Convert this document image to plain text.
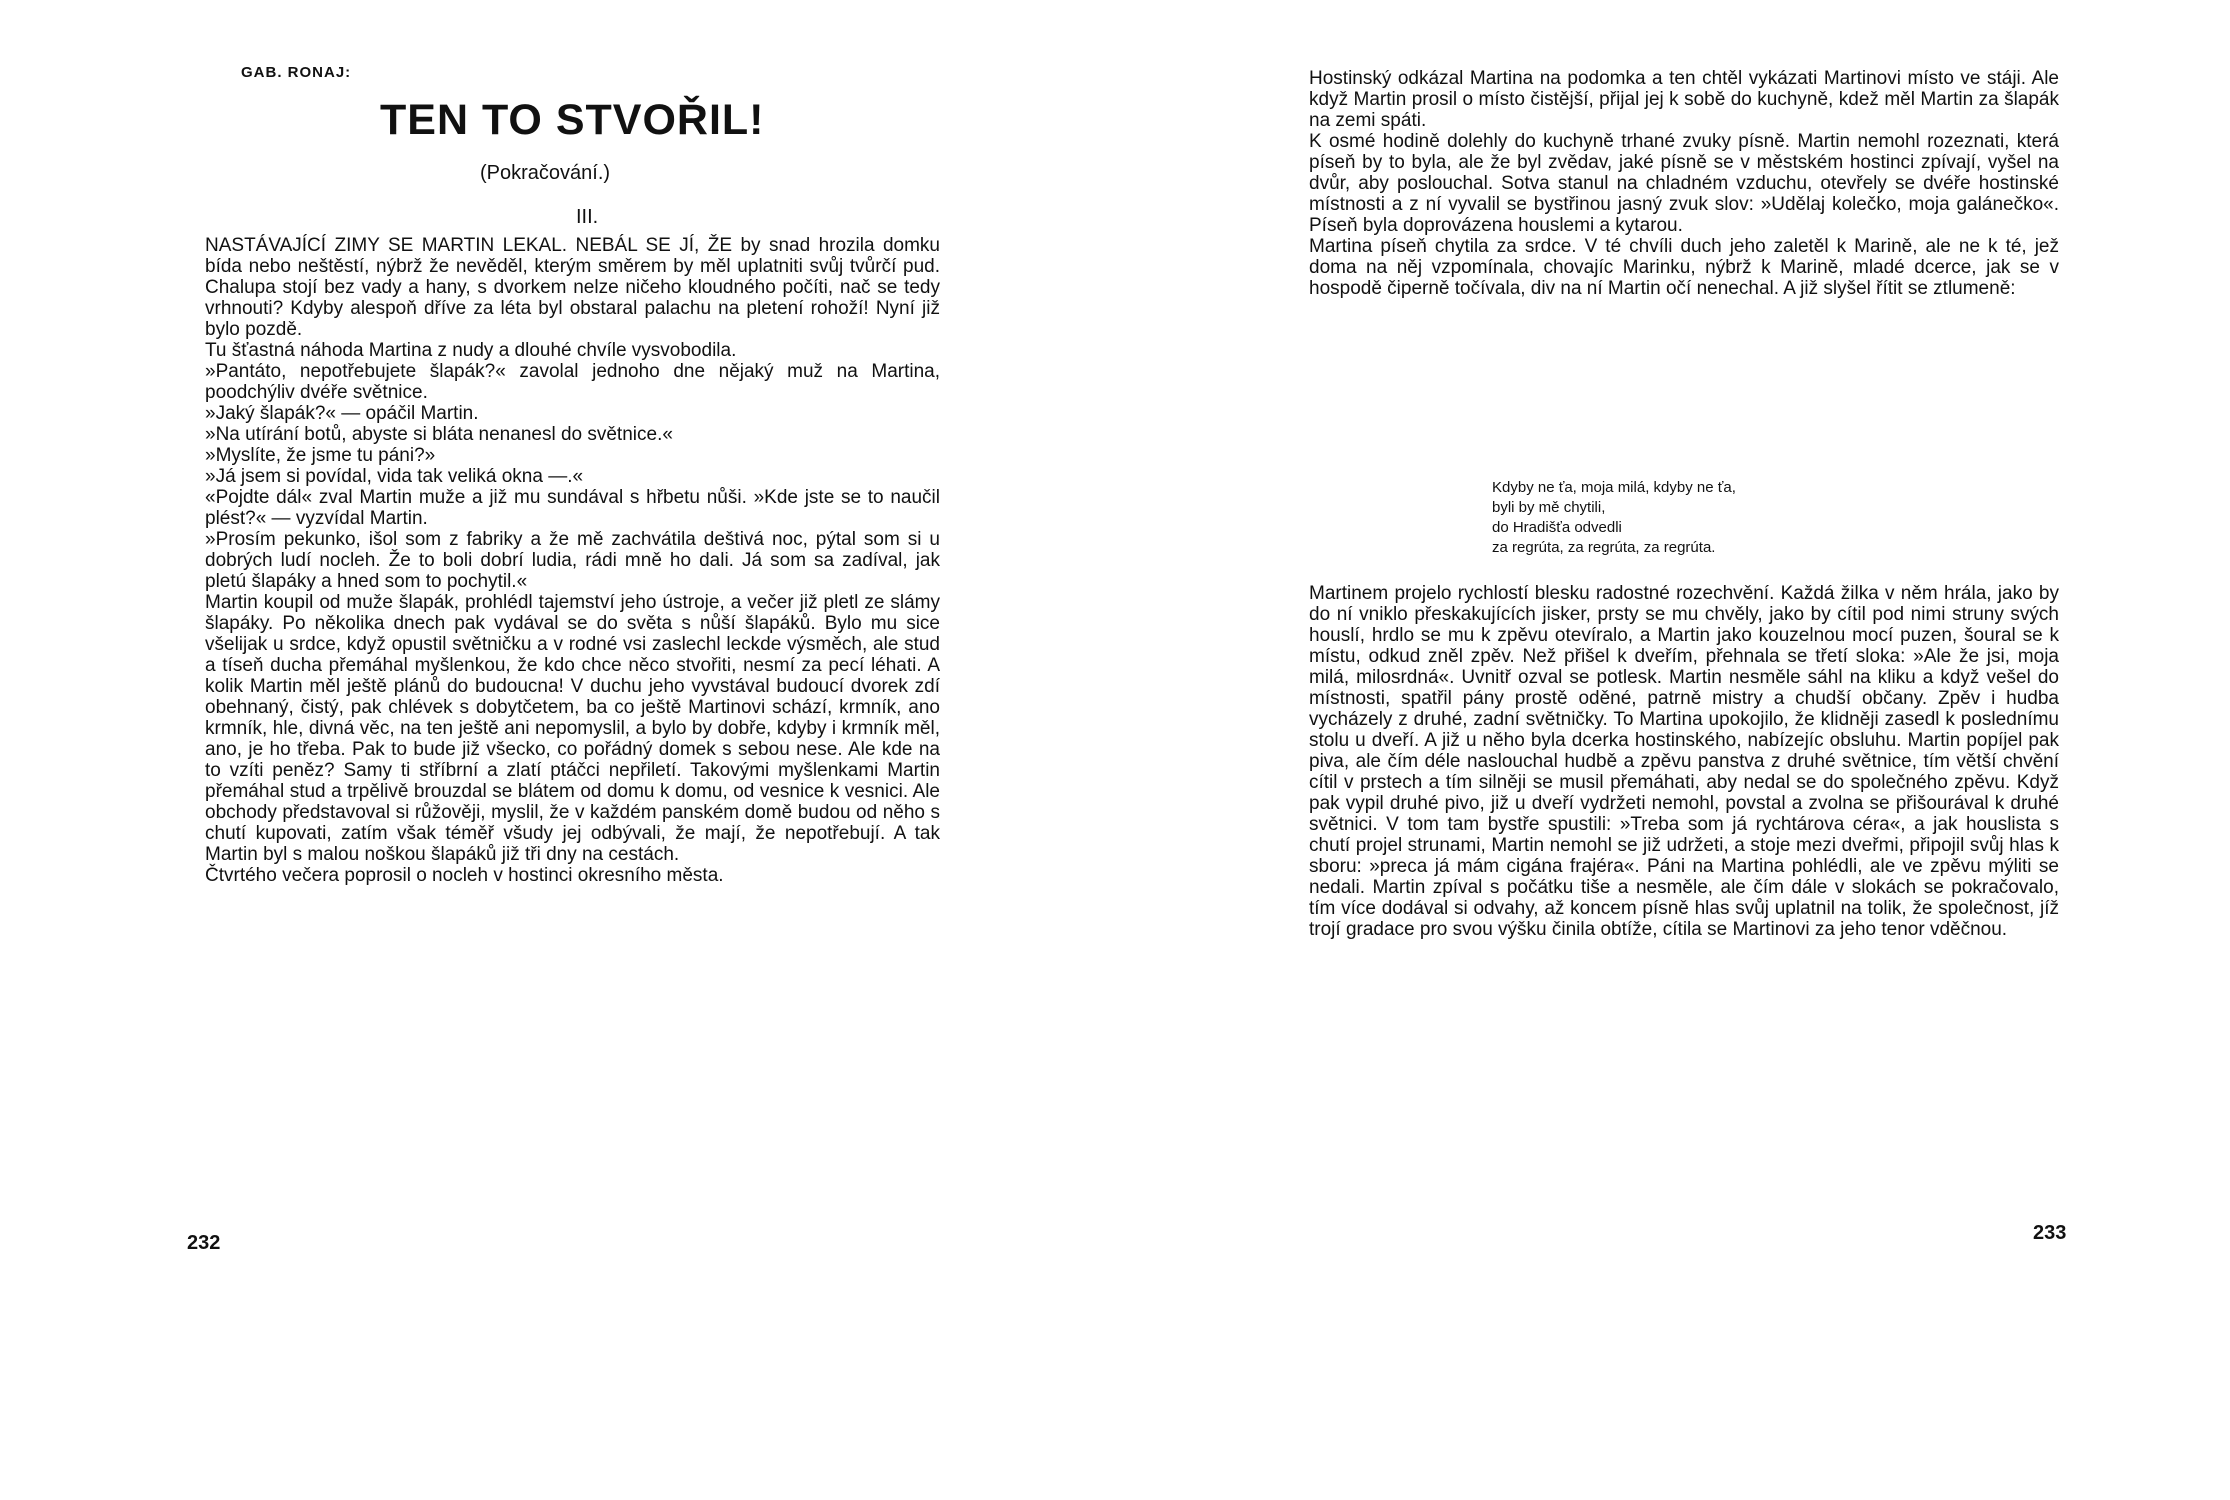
GAB. RONAJ:
TEN TO STVOŘIL!
(Pokračování.)
III.

NASTÁVAJÍCÍ ZIMY SE MARTIN LEKAL. NEBÁL SE JÍ, ŽE by snad hrozila domku bída nebo neštěstí, nýbrž že nevěděl, kterým směrem by měl uplatniti svůj tvůrčí pud. Chalupa stojí bez vady a hany, s dvorkem nelze ničeho kloudného počíti, nač se tedy vrhnouti? Kdyby alespoň dříve za léta byl obstaral palachu na pletení rohoží! Nyní již bylo pozdě.

Tu šťastná náhoda Martina z nudy a dlouhé chvíle vysvobodila.

»Pantáto, nepotřebujete šlapák?« zavolal jednoho dne nějaký muž na Martina, poodchýliv dvéře světnice.

»Jaký šlapák?« — opáčil Martin.

»Na utírání botů, abyste si bláta nenanesl do světnice.«

»Myslíte, že jsme tu páni?»

»Já jsem si povídal, vida tak veliká okna —.«

«Pojdte dál« zval Martin muže a již mu sundával s hřbetu nůši. »Kde jste se to naučil plést?« — vyzvídal Martin.

»Prosím pekunko, išol som z fabriky a že mě zachvátila deštivá noc, pýtal som si u dobrých ludí nocleh. Že to boli dobrí ludia, rádi mně ho dali. Já som sa zadíval, jak pletú šlapáky a hned som to pochytil.«

Martin koupil od muže šlapák, prohlédl tajemství jeho ústroje, a večer již pletl ze slámy šlapáky. Po několika dnech pak vydával se do světa s nůší šlapáků. Bylo mu sice všelijak u srdce, když opustil světničku a v rodné vsi zaslechl leckde výsměch, ale stud a tíseň ducha přemáhal myšlenkou, že kdo chce něco stvořiti, nesmí za pecí léhati. A kolik Martin měl ještě plánů do budoucna! V duchu jeho vyvstával budoucí dvorek zdí obehnaný, čistý, pak chlévek s dobytčetem, ba co ještě Martinovi schází, krmník, ano krmník, hle, divná věc, na ten ještě ani nepomyslil, a bylo by dobře, kdyby i krmník měl, ano, je ho třeba. Pak to bude již všecko, co pořádný domek s sebou nese. Ale kde na to vzíti peněz? Samy ti stříbrní a zlatí ptáčci nepřiletí. Takovými myšlenkami Martin přemáhal stud a trpělivě brouzdal se blátem od domu k domu, od vesnice k vesnici. Ale obchody představoval si růžověji, myslil, že v každém panském domě budou od něho s chutí kupovati, zatím však téměř všudy jej odbývali, že mají, že nepotřebují. A tak Martin byl s malou noškou šlapáků již tři dny na cestách.

Čtvrtého večera poprosil o nocleh v hostinci okresního města.

232

Hostinský odkázal Martina na podomka a ten chtěl vykázati Martinovi místo ve stáji. Ale když Martin prosil o místo čistější, přijal jej k sobě do kuchyně, kdež měl Martin za šlapák na zemi spáti.

K osmé hodině dolehly do kuchyně trhané zvuky písně. Martin nemohl rozeznati, která píseň by to byla, ale že byl zvědav, jaké písně se v městském hostinci zpívají, vyšel na dvůr, aby poslouchal. Sotva stanul na chladném vzduchu, otevřely se dvéře hostinské místnosti a z ní vyvalil se bystřinou jasný zvuk slov: »Udělaj kolečko, moja galánečko«. Píseň byla doprovázena houslemi a kytarou.

Martina píseň chytila za srdce. V té chvíli duch jeho zaletěl k Marině, ale ne k té, jež doma na něj vzpomínala, chovajíc Marinku, nýbrž k Marině, mladé dcerce, jak se v hospodě čiperně točívala, div na ní Martin očí nenechal. A již slyšel řítit se ztlumeně:

Kdyby ne ťa, moja milá, kdyby ne ťa,
byli by mě chytili,
do Hradišťa odvedli
za regrúta, za regrúta, za regrúta.

Martinem projelo rychlostí blesku radostné rozechvění. Každá žilka v něm hrála, jako by do ní vniklo přeskakujících jisker, prsty se mu chvěly, jako by cítil pod nimi struny svých houslí, hrdlo se mu k zpěvu otevíralo, a Martin jako kouzelnou mocí puzen, šoural se k místu, odkud zněl zpěv. Než přišel k dveřím, přehnala se třetí sloka: »Ale že jsi, moja milá, milosrdná«. Uvnitř ozval se potlesk. Martin nesměle sáhl na kliku a když vešel do místnosti, spatřil pány prostě oděné, patrně mistry a chudší občany. Zpěv i hudba vycházely z druhé, zadní světničky. To Martina upokojilo, že klidněji zasedl k poslednímu stolu u dveří. A již u něho byla dcerka hostinského, nabízejíc obsluhu. Martin popíjel pak piva, ale čím déle naslouchal hudbě a zpěvu panstva z druhé světnice, tím větší chvění cítil v prstech a tím silněji se musil přemáhati, aby nedal se do společného zpěvu. Když pak vypil druhé pivo, již u dveří vydržeti nemohl, povstal a zvolna se přišourával k druhé světnici. V tom tam bystře spustili: »Treba som já rychtárova céra«, a jak houslista s chutí projel strunami, Martin nemohl se již udržeti, a stoje mezi dveřmi, připojil svůj hlas k sboru: »preca já mám cigána frajéra«. Páni na Martina pohlédli, ale ve zpěvu mýliti se nedali. Martin zpíval s počátku tiše a nesměle, ale čím dále v slokách se pokračovalo, tím více dodával si odvahy, až koncem písně hlas svůj uplatnil na tolik, že společnost, jíž trojí gradace pro svou výšku činila obtíže, cítila se Martinovi za jeho tenor vděčnou.

233
